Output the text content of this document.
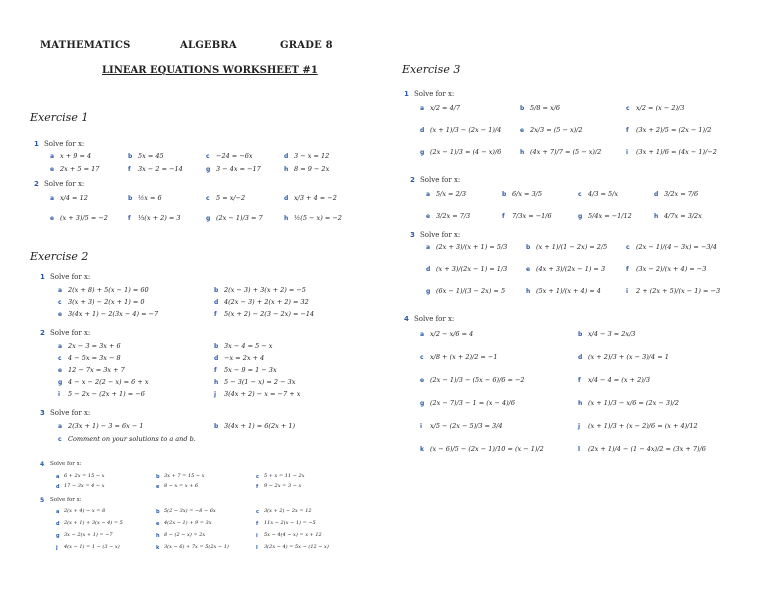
MATHEMATICS	ALGEBRA	GRADE 8
LINEAR EQUATIONS WORKSHEET #1
Exercise 1
1 Solve for x:
a x + 9 = 4	b 5x = 45	c −24 = −6x	d 3 − x = 12
e 2x + 5 = 17	f 3x − 2 = −14	g 3 − 4x = −17	h 8 = 9 − 2x
2 Solve for x:
a x/4 = 12	b ½x = 6	c 5 = x/−2	d x/3 + 4 = −2
e (x + 3)/5 = −2	f ⅓(x + 2) = 3	g (2x − 1)/3 = 7	h ½(5 − x) = −2
Exercise 2
1 Solve for x:
a 2(x + 8) + 5(x − 1) = 60	b 2(x − 3) + 3(x + 2) = −5
c 3(x + 3) − 2(x + 1) = 0	d 4(2x − 3) + 2(x + 2) = 32
e 3(4x + 1) − 2(3x − 4) = −7	f 5(x + 2) − 2(3 − 2x) = −14
2 Solve for x:
a 2x − 3 = 3x + 6	b 3x − 4 = 5 − x
c 4 − 5x = 3x − 8	d −x = 2x + 4
e 12 − 7x = 3x + 7	f 5x − 9 = 1 − 3x
g 4 − x − 2(2 − x) = 6 + x	h 5 − 3(1 − x) = 2 − 3x
i 5 − 2x − (2x + 1) = −6	j 3(4x + 2) − x = −7 + x
3 Solve for x:
a 2(3x + 1) − 3 = 6x − 1	b 3(4x + 1) = 6(2x + 1)
c Comment on your solutions to a and b.
4 Solve for x:
a 6 + 2x = 15 − x	b 3x + 7 = 15 − x	c 5 + x = 11 − 2x
d 17 − 3x = 4 − x	e 8 − x = x + 6	f 9 − 2x = 3 − x
5 Solve for x:
a 2(x + 4) − x = 8	b 5(2 − 3x) = −8 − 6x	c 3(x + 2) − 2x = 12
d 2(x + 1) + 3(x − 4) = 5	e 4(2x − 1) + 9 = 3x	f 11x − 2(x − 1) = −5
g 3x − 2(x + 1) = −7	h 8 − (2 − x) = 2x	i 5x − 4(4 − x) = x + 12
j 4(x − 1) = 1 − (3 − x)	k 3(x − 6) + 7x = 5(2x − 1)	l 3(2x − 4) = 5x − (12 − x)
Exercise 3
1 Solve for x:
a x/2 = 4/7	b 5/8 = x/6	c x/2 = (x − 2)/3
d (x + 1)/3 − (2x − 1)/4	e 2x/3 = (5 − x)/2	f (3x + 2)/5 = (2x − 1)/2
g (2x − 1)/3 = (4 − x)/6	h (4x + 7)/7 = (5 − x)/2	i (3x + 1)/6 = (4x − 1)/−2
2 Solve for x:
a 5/x = 2/3	b 6/x = 3/5	c 4/3 = 5/x	d 3/2x = 7/6
e 3/2x = 7/3	f 7/3x = −1/6	g 5/4x = −1/12	h 4/7x = 3/2x
3 Solve for x:
a (2x + 3)/(x + 1) = 5/3	b (x + 1)/(1 − 2x) = 2/5	c (2x − 1)/(4 − 3x) = −3/4
d (x + 3)/(2x − 1) = 1/3	e (4x + 3)/(2x − 1) = 3	f (3x − 2)/(x + 4) = −3
g (6x − 1)/(3 − 2x) = 5	h (5x + 1)/(x + 4) = 4	i 2 + (2x + 5)/(x − 1) = −3
4 Solve for x:
a x/2 − x/6 = 4	b x/4 − 3 = 2x/3
c x/8 + (x + 2)/2 = −1	d (x + 2)/3 + (x − 3)/4 = 1
e (2x − 1)/3 − (5x − 6)/6 = −2	f x/4 − 4 = (x + 2)/3
g (2x − 7)/3 − 1 = (x − 4)/6	h (x + 1)/3 − x/6 = (2x − 3)/2
i x/5 − (2x − 5)/3 = 3/4	j (x + 1)/3 + (x − 2)/6 = (x + 4)/12
k (x − 6)/5 − (2x − 1)/10 = (x − 1)/2	l (2x + 1)/4 − (1 − 4x)/2 = (3x + 7)/6
